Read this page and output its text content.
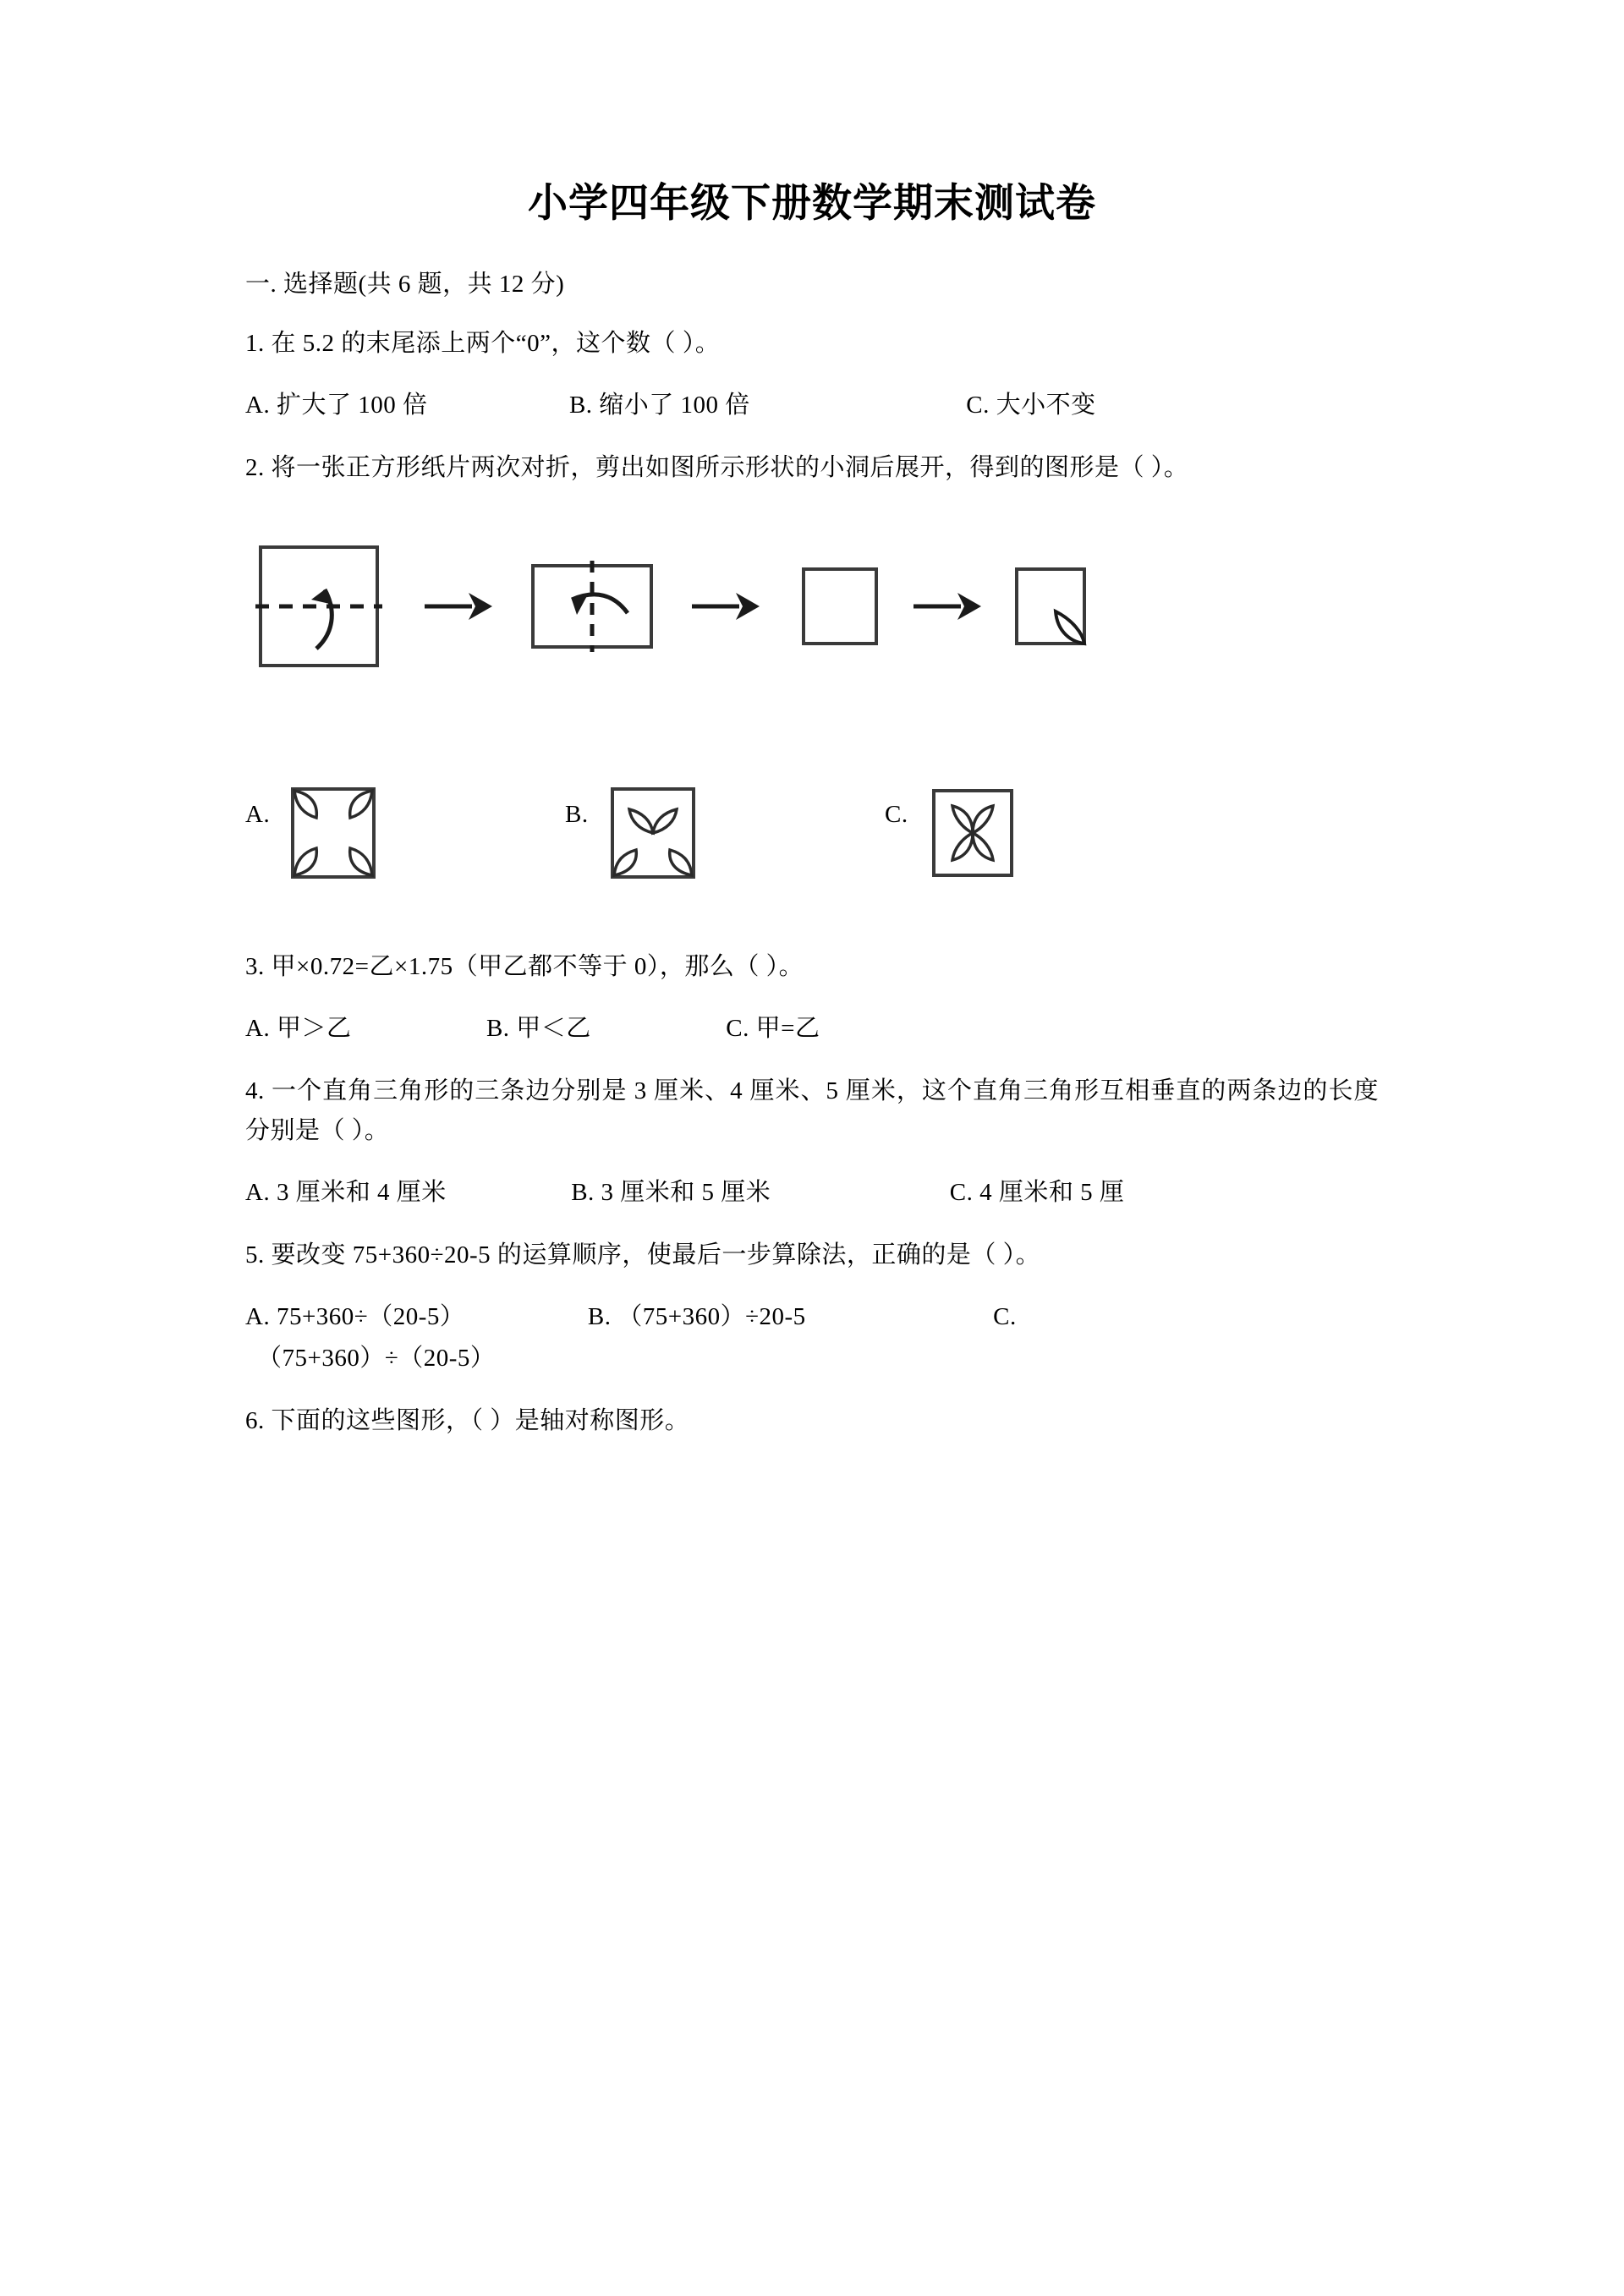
小学四年级下册数学期末测试卷
一. 选择题(共 6 题，共 12 分)
1. 在 5.2 的末尾添上两个“0”，这个数（ ）。
A. 扩大了 100 倍	B. 缩小了 100 倍	C. 大小不变
2. 将一张正方形纸片两次对折，剪出如图所示形状的小洞后展开，得到的图形是（ ）。
A.	B.	C.
3. 甲×0.72=乙×1.75（甲乙都不等于 0），那么（ ）。
A. 甲＞乙	B. 甲＜乙	C. 甲=乙
4. 一个直角三角形的三条边分别是 3 厘米、4 厘米、5 厘米，这个直角三角形互相垂直的两条边的长度分别是（ ）。
A. 3 厘米和 4 厘米	B. 3 厘米和 5 厘米	C. 4 厘米和 5 厘
5. 要改变 75+360÷20-5 的运算顺序，使最后一步算除法，正确的是（ ）。
A. 75+360÷（20-5）	B. （75+360）÷20-5	C.
（75+360）÷（20-5）
6. 下面的这些图形，（ ）是轴对称图形。
